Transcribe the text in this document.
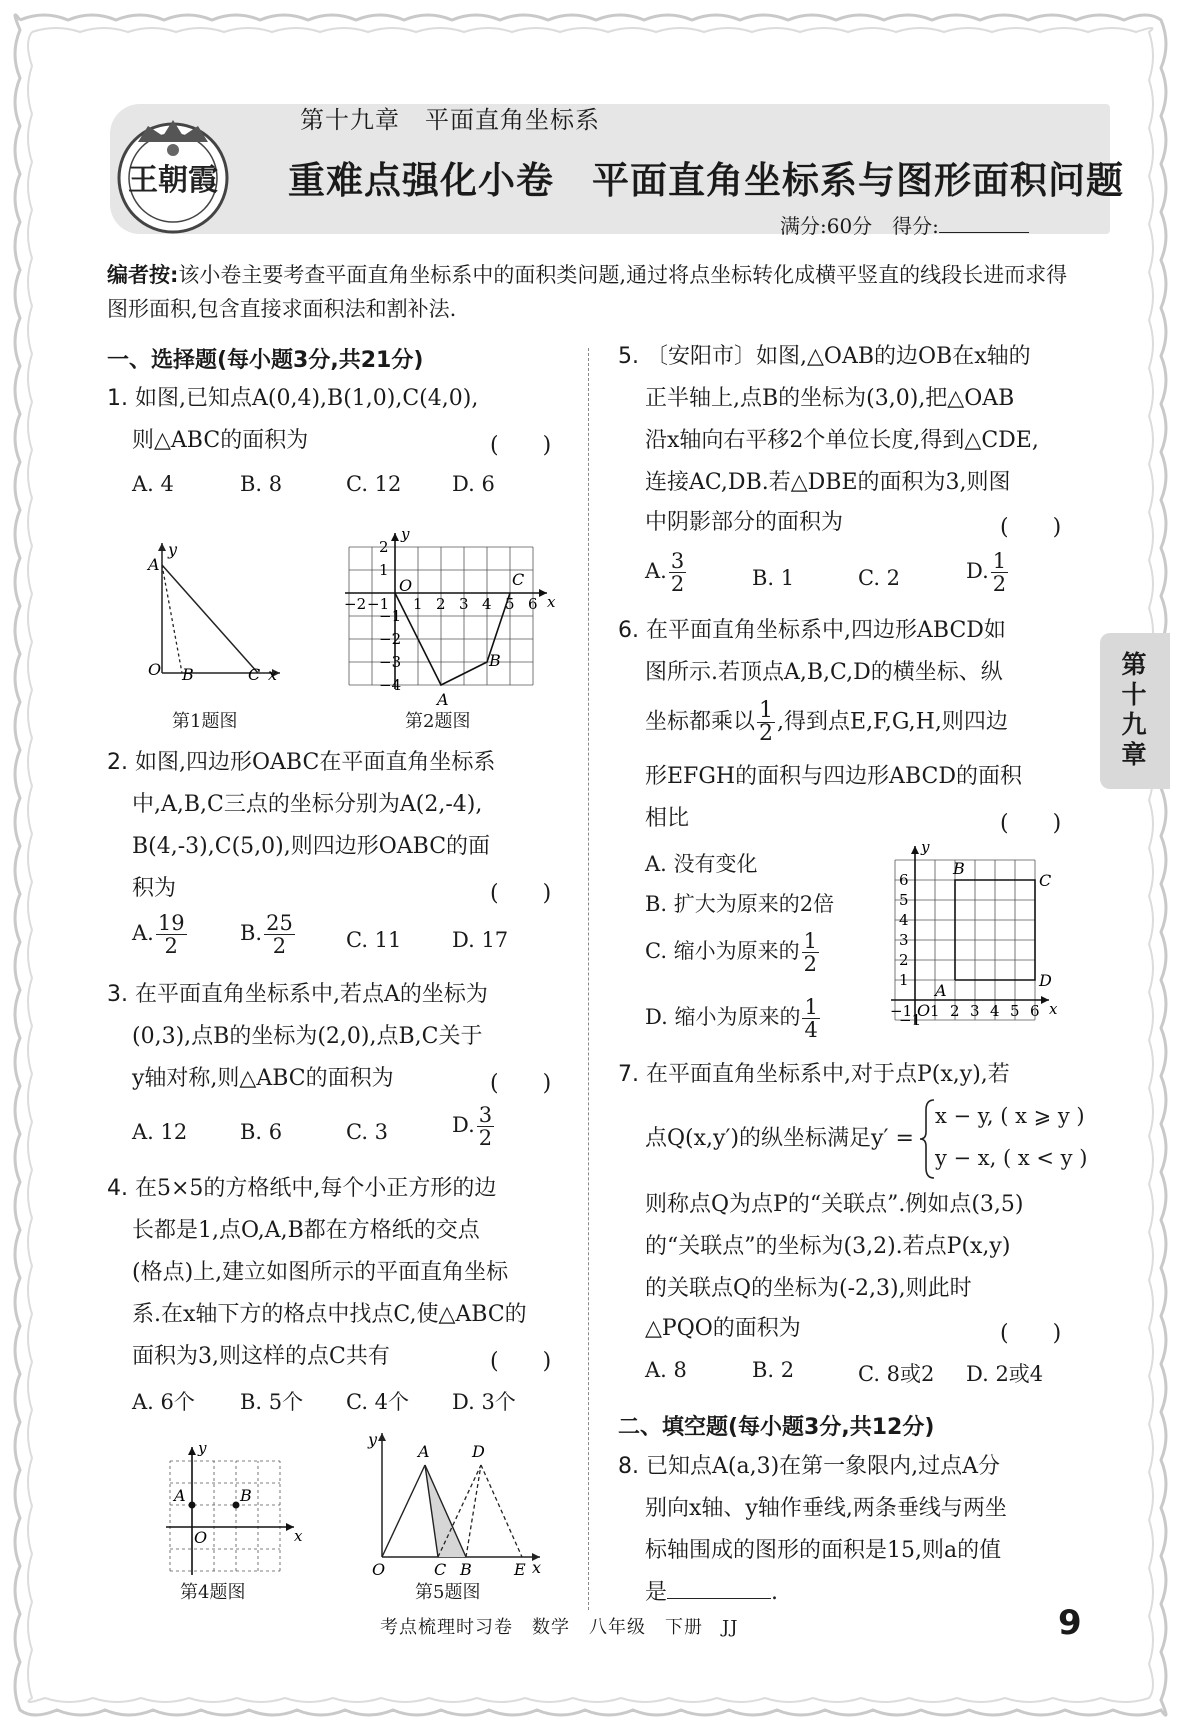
王朝霞
第十九章　平面直角坐标系
重难点强化小卷　平面直角坐标系与图形面积问题
满分:60分　得分:
编者按:该小卷主要考查平面直角坐标系中的面积类问题,通过将点坐标转化成横平竖直的线段长进而求得图形面积,包含直接求面积法和割补法.
一、选择题(每小题3分,共21分)
1. 如图,已知点A(0,4),B(1,0),C(4,0),
则△ABC的面积为	(　　)
A. 4	B. 8	C. 12 D. 6
A
y
O B	C x
第1题图
−2 −1 1 2 3 4 5 6
2
1
−1
−2
−3
−4
O
A
B
C
x
y
第2题图
2. 如图,四边形OABC在平面直角坐标系
中,A,B,C三点的坐标分别为A(2,-4),
B(4,-3),C(5,0),则四边形OABC的面
积为	(　　)
A. $\frac{19}{2}$	B. $\frac{25}{2} C$. 11 D. 17
3. 在平面直角坐标系中,若点A的坐标为
(0,3),点B的坐标为(2,0),点B,C关于
y轴对称,则△ABC的面积为	(　　)
A. 12	B. 6	C. 3	D. $\frac{3}{2}$
4. 在5×5的方格纸中,每个小正方形的边
长都是1,点O,A,B都在方格纸的交点
(格点)上,建立如图所示的平面直角坐标
系.在x轴下方的格点中找点C,使△ABC的
面积为3,则这样的点C共有	(　　)
A. 6个 B. 5个 C. 4个 D. 3个
A	B
O	x
y
第4题图
A	D
y
O	C B	E x
第5题图
5. 〔安阳市〕如图,△OAB的边OB在x轴的
正半轴上,点B的坐标为(3,0),把△OAB
沿x轴向右平移2个单位长度,得到△CDE,
连接AC,DB.若△DBE的面积为3,则图
中阴影部分的面积为	(　　)
A. $\frac{3}{2}$	B. 1	C. 2	D. $\frac{1}{2}$
6. 在平面直角坐标系中,四边形ABCD如
图所示.若顶点A,B,C,D的横坐标、纵
坐标都乘以 $\frac{1}{2}$ ,得到点E,F,G,H,则四边
形EFGH的面积与四边形ABCD的面积
相比	(　　)
A. 没有变化
B. 扩大为原来的2倍
C. 缩小为原来的 $\frac{1}{2}$
D. 缩小为原来的 $\frac{1}{4}$	−1 1 2 3 4 5 6
1
2
3
4
5
6
−1
A
B
C
D
O	x
y
7. 在平面直角坐标系中,对于点P(x,y),若
点Q(x,y′)的纵坐标满足y′ =
x − y, ( x ⩾ y )
y − x, ( x < y )
则称点Q为点P的“关联点”.例如点(3,5)
的“关联点”的坐标为(3,2).若点P(x,y)
的关联点Q的坐标为(-2,3),则此时
△PQO的面积为	(　　)
A. 8	B. 2	C. 8或2 D. 2或4
二、填空题(每小题3分,共12分)
8. 已知点A(a,3)在第一象限内,过点A分
别向x轴、y轴作垂线,两条垂线与两坐
标轴围成的图形的面积是15,则a的值
是	.
第十九章
考点梳理时习卷　数学　八年级　下册　JJ	9
